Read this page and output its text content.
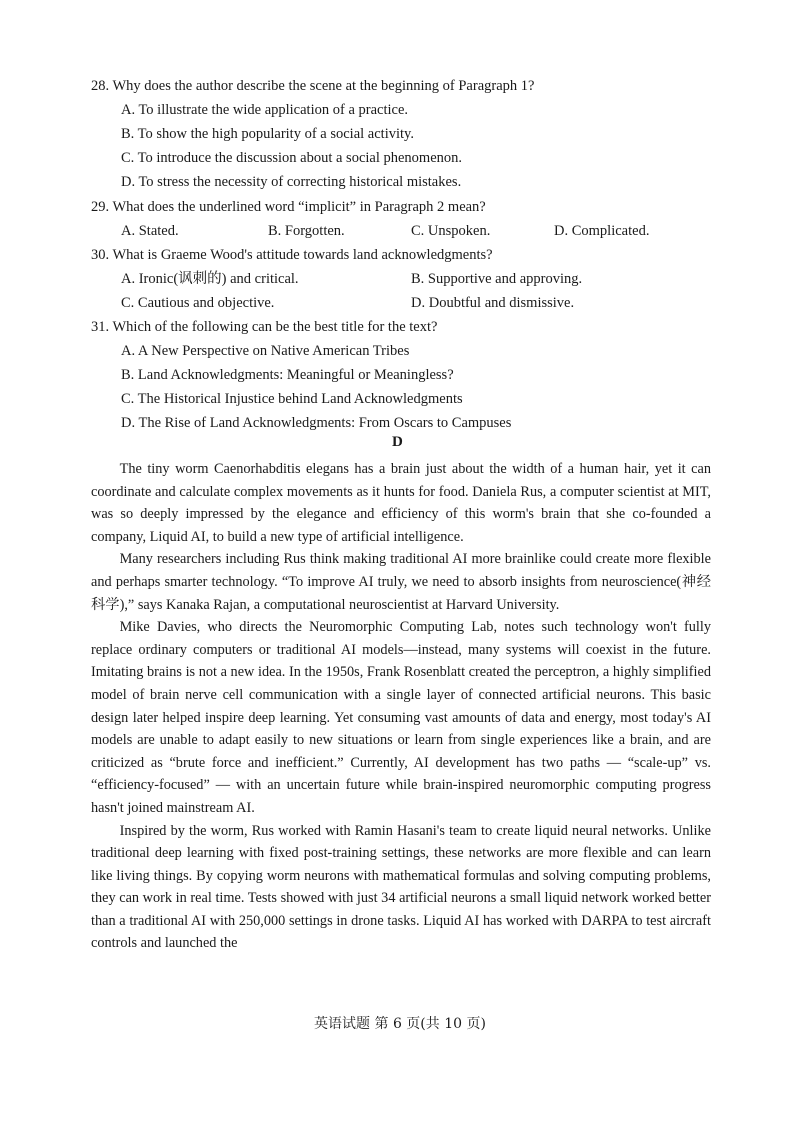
28. Why does the author describe the scene at the beginning of Paragraph 1?
A. To illustrate the wide application of a practice.
B. To show the high popularity of a social activity.
C. To introduce the discussion about a social phenomenon.
D. To stress the necessity of correcting historical mistakes.
29. What does the underlined word “implicit” in Paragraph 2 mean?
A. Stated.	B. Forgotten.	C. Unspoken.	D. Complicated.
30. What is Graeme Wood's attitude towards land acknowledgments?
A. Ironic(讽刺的) and critical.	B. Supportive and approving.
C. Cautious and objective.	D. Doubtful and dismissive.
31. Which of the following can be the best title for the text?
A. A New Perspective on Native American Tribes
B. Land Acknowledgments: Meaningful or Meaningless?
C. The Historical Injustice behind Land Acknowledgments
D. The Rise of Land Acknowledgments: From Oscars to Campuses
D

The tiny worm Caenorhabditis elegans has a brain just about the width of a human hair, yet it can coordinate and calculate complex movements as it hunts for food. Daniela Rus, a computer scientist at MIT, was so deeply impressed by the elegance and efficiency of this worm's brain that she co-founded a company, Liquid AI, to build a new type of artificial intelligence.

Many researchers including Rus think making traditional AI more brainlike could create more flexible and perhaps smarter technology. “To improve AI truly, we need to absorb insights from neuroscience(神经科学),” says Kanaka Rajan, a computational neuroscientist at Harvard University.

Mike Davies, who directs the Neuromorphic Computing Lab, notes such technology won't fully replace ordinary computers or traditional AI models—instead, many systems will coexist in the future. Imitating brains is not a new idea. In the 1950s, Frank Rosenblatt created the perceptron, a highly simplified model of brain nerve cell communication with a single layer of connected artificial neurons. This basic design later helped inspire deep learning. Yet consuming vast amounts of data and energy, most today's AI models are unable to adapt easily to new situations or learn from single experiences like a brain, and are criticized as “brute force and inefficient.” Currently, AI development has two paths — “scale-up” vs. “efficiency-focused” — with an uncertain future while brain-inspired neuromorphic computing progress hasn't joined mainstream AI.

Inspired by the worm, Rus worked with Ramin Hasani's team to create liquid neural networks. Unlike traditional deep learning with fixed post-training settings, these networks are more flexible and can learn like living things. By copying worm neurons with mathematical formulas and solving computing problems, they can work in real time. Tests showed with just 34 artificial neurons a small liquid network worked better than a traditional AI with 250,000 settings in drone tasks. Liquid AI has worked with DARPA to test aircraft controls and launched the

英语试题 第 6 页(共 10 页)
